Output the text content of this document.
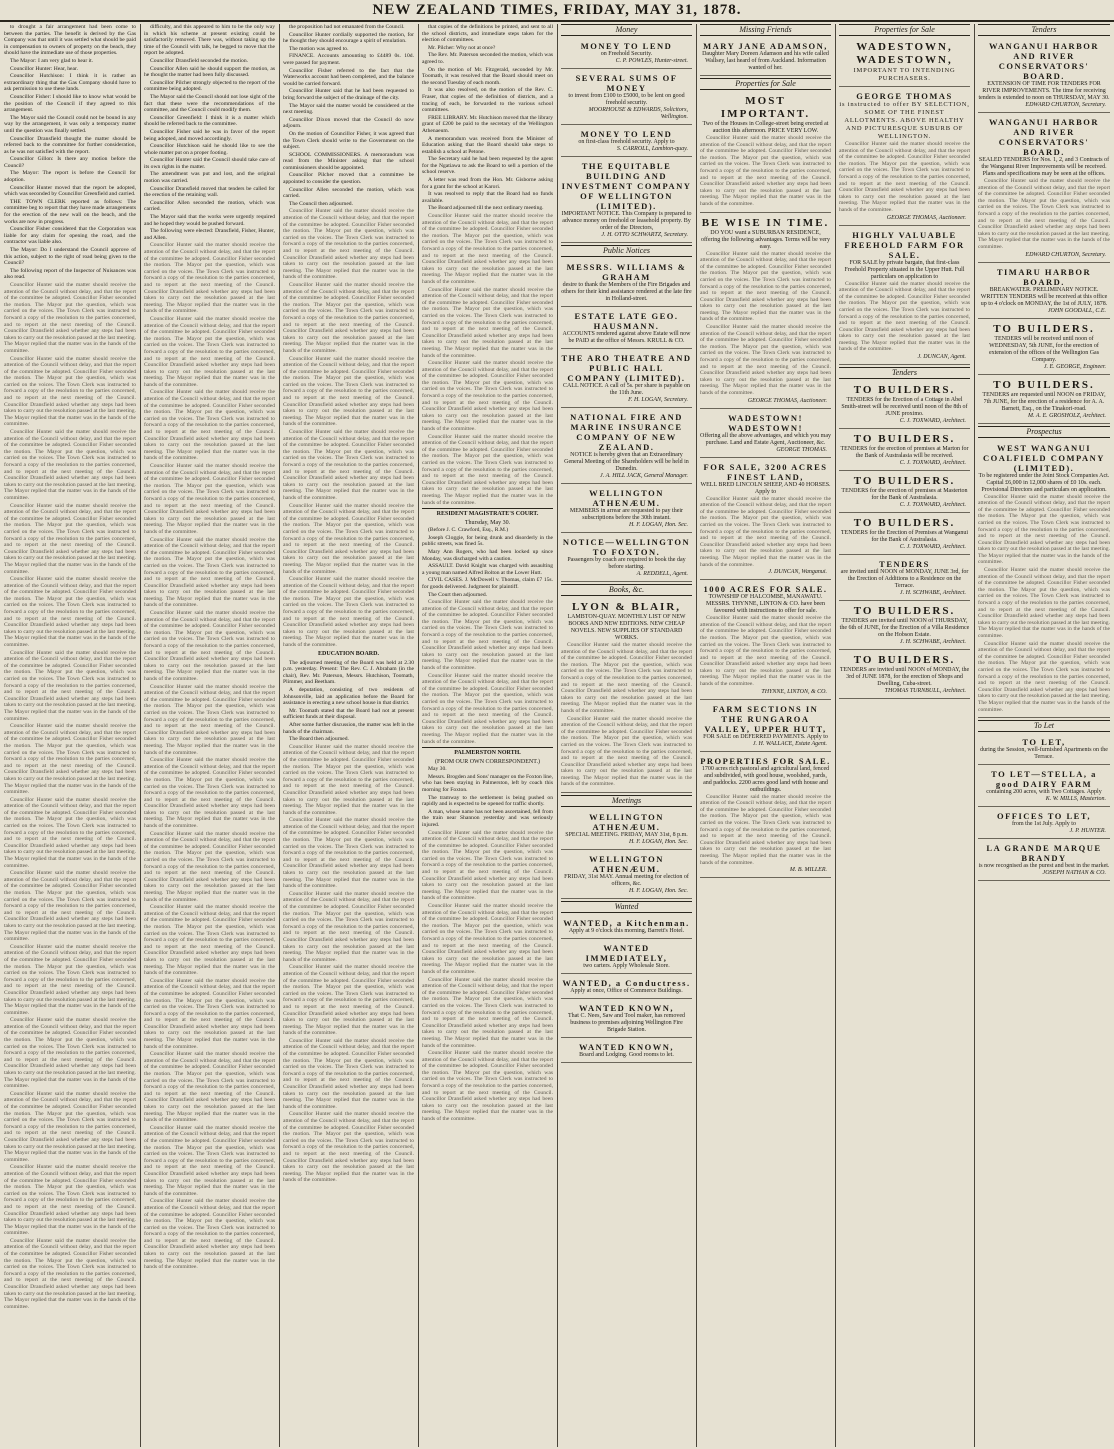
NEW ZEALAND TIMES, FRIDAY, MAY 31, 1878.

to drought a fair arrangement had been come to between the parties. The benefit is derived by the Gas Company was that until it was settled what should be paid in compensation to owners of property on the beach, they should have the immediate use of those properties.

The Mayor: I am very glad to hear it.

Councillor Hunter: Hear, hear.

Councillor Hutchison: I think it is rather an extraordinary thing that the Gas Company should have to ask permission to use these lands.

Councillor Fisher: I should like to know what would be the position of the Council if they agreed to this arrangement.

The Mayor said the Council could not be bound in any way by the arrangement, it was only a temporary matter until the question was finally settled.

Councillor Dransfield thought the matter should be referred back to the committee for further consideration, as he was not satisfied with the report.

Councillor Gillon: Is there any motion before the Council?

The Mayor: The report is before the Council for adoption.

Councillor Hunter moved that the report be adopted, which was seconded by Councillor Greenfield and carried.

THE TOWN CLERK reported as follows: The committee beg to report that they have made arrangements for the erection of the new wall on the beach, and the works are now in progress.

Councillor Fisher considered that the Corporation was liable for any claim for opening the road, and the contractor was liable also.

The Mayor: Do I understand the Council approve of this action, subject to the right of road being given to the Council?

The following report of the Inspector of Nuisances was also read.

Councillor Hunter said the matter should receive the attention of the Council without delay, and that the report of the committee be adopted. Councillor Fisher seconded the motion. The Mayor put the question, which was carried on the voices. The Town Clerk was instructed to forward a copy of the resolution to the parties concerned, and to report at the next meeting of the Council. Councillor Dransfield asked whether any steps had been taken to carry out the resolution passed at the last meeting. The Mayor replied that the matter was in the hands of the committee.

Councillor Hunter said the matter should receive the attention of the Council without delay, and that the report of the committee be adopted. Councillor Fisher seconded the motion. The Mayor put the question, which was carried on the voices. The Town Clerk was instructed to forward a copy of the resolution to the parties concerned, and to report at the next meeting of the Council. Councillor Dransfield asked whether any steps had been taken to carry out the resolution passed at the last meeting. The Mayor replied that the matter was in the hands of the committee.

Councillor Hunter said the matter should receive the attention of the Council without delay, and that the report of the committee be adopted. Councillor Fisher seconded the motion. The Mayor put the question, which was carried on the voices. The Town Clerk was instructed to forward a copy of the resolution to the parties concerned, and to report at the next meeting of the Council. Councillor Dransfield asked whether any steps had been taken to carry out the resolution passed at the last meeting. The Mayor replied that the matter was in the hands of the committee.

Councillor Hunter said the matter should receive the attention of the Council without delay, and that the report of the committee be adopted. Councillor Fisher seconded the motion. The Mayor put the question, which was carried on the voices. The Town Clerk was instructed to forward a copy of the resolution to the parties concerned, and to report at the next meeting of the Council. Councillor Dransfield asked whether any steps had been taken to carry out the resolution passed at the last meeting. The Mayor replied that the matter was in the hands of the committee.

Councillor Hunter said the matter should receive the attention of the Council without delay, and that the report of the committee be adopted. Councillor Fisher seconded the motion. The Mayor put the question, which was carried on the voices. The Town Clerk was instructed to forward a copy of the resolution to the parties concerned, and to report at the next meeting of the Council. Councillor Dransfield asked whether any steps had been taken to carry out the resolution passed at the last meeting. The Mayor replied that the matter was in the hands of the committee.

Councillor Hunter said the matter should receive the attention of the Council without delay, and that the report of the committee be adopted. Councillor Fisher seconded the motion. The Mayor put the question, which was carried on the voices. The Town Clerk was instructed to forward a copy of the resolution to the parties concerned, and to report at the next meeting of the Council. Councillor Dransfield asked whether any steps had been taken to carry out the resolution passed at the last meeting. The Mayor replied that the matter was in the hands of the committee.

Councillor Hunter said the matter should receive the attention of the Council without delay, and that the report of the committee be adopted. Councillor Fisher seconded the motion. The Mayor put the question, which was carried on the voices. The Town Clerk was instructed to forward a copy of the resolution to the parties concerned, and to report at the next meeting of the Council. Councillor Dransfield asked whether any steps had been taken to carry out the resolution passed at the last meeting. The Mayor replied that the matter was in the hands of the committee.

Councillor Hunter said the matter should receive the attention of the Council without delay, and that the report of the committee be adopted. Councillor Fisher seconded the motion. The Mayor put the question, which was carried on the voices. The Town Clerk was instructed to forward a copy of the resolution to the parties concerned, and to report at the next meeting of the Council. Councillor Dransfield asked whether any steps had been taken to carry out the resolution passed at the last meeting. The Mayor replied that the matter was in the hands of the committee.

Councillor Hunter said the matter should receive the attention of the Council without delay, and that the report of the committee be adopted. Councillor Fisher seconded the motion. The Mayor put the question, which was carried on the voices. The Town Clerk was instructed to forward a copy of the resolution to the parties concerned, and to report at the next meeting of the Council. Councillor Dransfield asked whether any steps had been taken to carry out the resolution passed at the last meeting. The Mayor replied that the matter was in the hands of the committee.

Councillor Hunter said the matter should receive the attention of the Council without delay, and that the report of the committee be adopted. Councillor Fisher seconded the motion. The Mayor put the question, which was carried on the voices. The Town Clerk was instructed to forward a copy of the resolution to the parties concerned, and to report at the next meeting of the Council. Councillor Dransfield asked whether any steps had been taken to carry out the resolution passed at the last meeting. The Mayor replied that the matter was in the hands of the committee.

Councillor Hunter said the matter should receive the attention of the Council without delay, and that the report of the committee be adopted. Councillor Fisher seconded the motion. The Mayor put the question, which was carried on the voices. The Town Clerk was instructed to forward a copy of the resolution to the parties concerned, and to report at the next meeting of the Council. Councillor Dransfield asked whether any steps had been taken to carry out the resolution passed at the last meeting. The Mayor replied that the matter was in the hands of the committee.

Councillor Hunter said the matter should receive the attention of the Council without delay, and that the report of the committee be adopted. Councillor Fisher seconded the motion. The Mayor put the question, which was carried on the voices. The Town Clerk was instructed to forward a copy of the resolution to the parties concerned, and to report at the next meeting of the Council. Councillor Dransfield asked whether any steps had been taken to carry out the resolution passed at the last meeting. The Mayor replied that the matter was in the hands of the committee.

Councillor Hunter said the matter should receive the attention of the Council without delay, and that the report of the committee be adopted. Councillor Fisher seconded the motion. The Mayor put the question, which was carried on the voices. The Town Clerk was instructed to forward a copy of the resolution to the parties concerned, and to report at the next meeting of the Council. Councillor Dransfield asked whether any steps had been taken to carry out the resolution passed at the last meeting. The Mayor replied that the matter was in the hands of the committee.

Councillor Hunter said the matter should receive the attention of the Council without delay, and that the report of the committee be adopted. Councillor Fisher seconded the motion. The Mayor put the question, which was carried on the voices. The Town Clerk was instructed to forward a copy of the resolution to the parties concerned, and to report at the next meeting of the Council. Councillor Dransfield asked whether any steps had been taken to carry out the resolution passed at the last meeting. The Mayor replied that the matter was in the hands of the committee.

difficulty, and this appeared to him to be the only way in which his scheme at present existing could be satisfactorily removed. There was, without taking up the time of the Council with talk, he begged to move that the report be adopted.

Councillor Dransfield seconded the motion.

Councillor Allen said he should support the motion, as he thought the matter had been fully discussed.

Councillor Pilcher strongly objected to the report of the committee being adopted.

The Mayor said the Council should not lose sight of the fact that these were the recommendations of the committee, and the Council could modify them.

Councillor Greenfield: I think it is a matter which should be referred back to the committee.

Councillor Fisher said he was in favor of the report being adopted, and moved accordingly.

Councillor Hutchison said he should like to see the whole matter put on a proper footing.

Councillor Hunter said the Council should take care of its own rights in the matter.

The amendment was put and lost, and the original motion was carried.

Councillor Dransfield moved that tenders be called for the erection of the retaining wall.

Councillor Allen seconded the motion, which was carried.

The Mayor said that the works were urgently required and he hoped they would be pushed forward.

The following were elected: Dransfield, Fisher, Hunter, and Allen.

Councillor Hunter said the matter should receive the attention of the Council without delay, and that the report of the committee be adopted. Councillor Fisher seconded the motion. The Mayor put the question, which was carried on the voices. The Town Clerk was instructed to forward a copy of the resolution to the parties concerned, and to report at the next meeting of the Council. Councillor Dransfield asked whether any steps had been taken to carry out the resolution passed at the last meeting. The Mayor replied that the matter was in the hands of the committee.

Councillor Hunter said the matter should receive the attention of the Council without delay, and that the report of the committee be adopted. Councillor Fisher seconded the motion. The Mayor put the question, which was carried on the voices. The Town Clerk was instructed to forward a copy of the resolution to the parties concerned, and to report at the next meeting of the Council. Councillor Dransfield asked whether any steps had been taken to carry out the resolution passed at the last meeting. The Mayor replied that the matter was in the hands of the committee.

Councillor Hunter said the matter should receive the attention of the Council without delay, and that the report of the committee be adopted. Councillor Fisher seconded the motion. The Mayor put the question, which was carried on the voices. The Town Clerk was instructed to forward a copy of the resolution to the parties concerned, and to report at the next meeting of the Council. Councillor Dransfield asked whether any steps had been taken to carry out the resolution passed at the last meeting. The Mayor replied that the matter was in the hands of the committee.

Councillor Hunter said the matter should receive the attention of the Council without delay, and that the report of the committee be adopted. Councillor Fisher seconded the motion. The Mayor put the question, which was carried on the voices. The Town Clerk was instructed to forward a copy of the resolution to the parties concerned, and to report at the next meeting of the Council. Councillor Dransfield asked whether any steps had been taken to carry out the resolution passed at the last meeting. The Mayor replied that the matter was in the hands of the committee.

Councillor Hunter said the matter should receive the attention of the Council without delay, and that the report of the committee be adopted. Councillor Fisher seconded the motion. The Mayor put the question, which was carried on the voices. The Town Clerk was instructed to forward a copy of the resolution to the parties concerned, and to report at the next meeting of the Council. Councillor Dransfield asked whether any steps had been taken to carry out the resolution passed at the last meeting. The Mayor replied that the matter was in the hands of the committee.

Councillor Hunter said the matter should receive the attention of the Council without delay, and that the report of the committee be adopted. Councillor Fisher seconded the motion. The Mayor put the question, which was carried on the voices. The Town Clerk was instructed to forward a copy of the resolution to the parties concerned, and to report at the next meeting of the Council. Councillor Dransfield asked whether any steps had been taken to carry out the resolution passed at the last meeting. The Mayor replied that the matter was in the hands of the committee.

Councillor Hunter said the matter should receive the attention of the Council without delay, and that the report of the committee be adopted. Councillor Fisher seconded the motion. The Mayor put the question, which was carried on the voices. The Town Clerk was instructed to forward a copy of the resolution to the parties concerned, and to report at the next meeting of the Council. Councillor Dransfield asked whether any steps had been taken to carry out the resolution passed at the last meeting. The Mayor replied that the matter was in the hands of the committee.

Councillor Hunter said the matter should receive the attention of the Council without delay, and that the report of the committee be adopted. Councillor Fisher seconded the motion. The Mayor put the question, which was carried on the voices. The Town Clerk was instructed to forward a copy of the resolution to the parties concerned, and to report at the next meeting of the Council. Councillor Dransfield asked whether any steps had been taken to carry out the resolution passed at the last meeting. The Mayor replied that the matter was in the hands of the committee.

Councillor Hunter said the matter should receive the attention of the Council without delay, and that the report of the committee be adopted. Councillor Fisher seconded the motion. The Mayor put the question, which was carried on the voices. The Town Clerk was instructed to forward a copy of the resolution to the parties concerned, and to report at the next meeting of the Council. Councillor Dransfield asked whether any steps had been taken to carry out the resolution passed at the last meeting. The Mayor replied that the matter was in the hands of the committee.

Councillor Hunter said the matter should receive the attention of the Council without delay, and that the report of the committee be adopted. Councillor Fisher seconded the motion. The Mayor put the question, which was carried on the voices. The Town Clerk was instructed to forward a copy of the resolution to the parties concerned, and to report at the next meeting of the Council. Councillor Dransfield asked whether any steps had been taken to carry out the resolution passed at the last meeting. The Mayor replied that the matter was in the hands of the committee.

Councillor Hunter said the matter should receive the attention of the Council without delay, and that the report of the committee be adopted. Councillor Fisher seconded the motion. The Mayor put the question, which was carried on the voices. The Town Clerk was instructed to forward a copy of the resolution to the parties concerned, and to report at the next meeting of the Council. Councillor Dransfield asked whether any steps had been taken to carry out the resolution passed at the last meeting. The Mayor replied that the matter was in the hands of the committee.

Councillor Hunter said the matter should receive the attention of the Council without delay, and that the report of the committee be adopted. Councillor Fisher seconded the motion. The Mayor put the question, which was carried on the voices. The Town Clerk was instructed to forward a copy of the resolution to the parties concerned, and to report at the next meeting of the Council. Councillor Dransfield asked whether any steps had been taken to carry out the resolution passed at the last meeting. The Mayor replied that the matter was in the hands of the committee.

Councillor Hunter said the matter should receive the attention of the Council without delay, and that the report of the committee be adopted. Councillor Fisher seconded the motion. The Mayor put the question, which was carried on the voices. The Town Clerk was instructed to forward a copy of the resolution to the parties concerned, and to report at the next meeting of the Council. Councillor Dransfield asked whether any steps had been taken to carry out the resolution passed at the last meeting. The Mayor replied that the matter was in the hands of the committee.

Councillor Hunter said the matter should receive the attention of the Council without delay, and that the report of the committee be adopted. Councillor Fisher seconded the motion. The Mayor put the question, which was carried on the voices. The Town Clerk was instructed to forward a copy of the resolution to the parties concerned, and to report at the next meeting of the Council. Councillor Dransfield asked whether any steps had been taken to carry out the resolution passed at the last meeting. The Mayor replied that the matter was in the hands of the committee.

the proposition had not emanated from the Council.

Councillor Hunter cordially supported the motion, for he thought they should encourage a spirit of emulation.

The motion was agreed to.

FINANCE. Accounts amounting to £4489 0s. 10d. were passed for payment.

Councillor Fisher referred to the fact that the Waterworks account had been completed, and the balance would be carried forward.

Councillor Hunter said that he had been requested to bring forward the subject of the drainage of the city.

The Mayor said the matter would be considered at the next meeting.

Councillor Dixon moved that the Council do now adjourn.

On the motion of Councillor Fisher, it was agreed that the Town Clerk should write to the Government on the subject.

SCHOOL COMMISSIONERS. A memorandum was read from the Minister asking that the school commissioners should be appointed.

Councillor Pilcher moved that a committee be appointed to consider the question.

Councillor Allen seconded the motion, which was carried.

The Council then adjourned.

Councillor Hunter said the matter should receive the attention of the Council without delay, and that the report of the committee be adopted. Councillor Fisher seconded the motion. The Mayor put the question, which was carried on the voices. The Town Clerk was instructed to forward a copy of the resolution to the parties concerned, and to report at the next meeting of the Council. Councillor Dransfield asked whether any steps had been taken to carry out the resolution passed at the last meeting. The Mayor replied that the matter was in the hands of the committee.

Councillor Hunter said the matter should receive the attention of the Council without delay, and that the report of the committee be adopted. Councillor Fisher seconded the motion. The Mayor put the question, which was carried on the voices. The Town Clerk was instructed to forward a copy of the resolution to the parties concerned, and to report at the next meeting of the Council. Councillor Dransfield asked whether any steps had been taken to carry out the resolution passed at the last meeting. The Mayor replied that the matter was in the hands of the committee.

Councillor Hunter said the matter should receive the attention of the Council without delay, and that the report of the committee be adopted. Councillor Fisher seconded the motion. The Mayor put the question, which was carried on the voices. The Town Clerk was instructed to forward a copy of the resolution to the parties concerned, and to report at the next meeting of the Council. Councillor Dransfield asked whether any steps had been taken to carry out the resolution passed at the last meeting. The Mayor replied that the matter was in the hands of the committee.

Councillor Hunter said the matter should receive the attention of the Council without delay, and that the report of the committee be adopted. Councillor Fisher seconded the motion. The Mayor put the question, which was carried on the voices. The Town Clerk was instructed to forward a copy of the resolution to the parties concerned, and to report at the next meeting of the Council. Councillor Dransfield asked whether any steps had been taken to carry out the resolution passed at the last meeting. The Mayor replied that the matter was in the hands of the committee.

Councillor Hunter said the matter should receive the attention of the Council without delay, and that the report of the committee be adopted. Councillor Fisher seconded the motion. The Mayor put the question, which was carried on the voices. The Town Clerk was instructed to forward a copy of the resolution to the parties concerned, and to report at the next meeting of the Council. Councillor Dransfield asked whether any steps had been taken to carry out the resolution passed at the last meeting. The Mayor replied that the matter was in the hands of the committee.

Councillor Hunter said the matter should receive the attention of the Council without delay, and that the report of the committee be adopted. Councillor Fisher seconded the motion. The Mayor put the question, which was carried on the voices. The Town Clerk was instructed to forward a copy of the resolution to the parties concerned, and to report at the next meeting of the Council. Councillor Dransfield asked whether any steps had been taken to carry out the resolution passed at the last meeting. The Mayor replied that the matter was in the hands of the committee.

EDUCATION BOARD.

The adjourned meeting of the Board was held at 2.30 p.m. yesterday. Present: The Rev. C. J. Abraham (in the chair), Rev. Mr. Paterson, Messrs. Hutchison, Toomath, Plimmer, and Beetham.

A deputation, consisting of two residents of Johnsonville, laid an application before the Board for assistance in erecting a new school house in that district.

Mr. Toomath stated that the Board had not at present sufficient funds at their disposal.

After some further discussion, the matter was left in the hands of the chairman.

The Board then adjourned.

Councillor Hunter said the matter should receive the attention of the Council without delay, and that the report of the committee be adopted. Councillor Fisher seconded the motion. The Mayor put the question, which was carried on the voices. The Town Clerk was instructed to forward a copy of the resolution to the parties concerned, and to report at the next meeting of the Council. Councillor Dransfield asked whether any steps had been taken to carry out the resolution passed at the last meeting. The Mayor replied that the matter was in the hands of the committee.

Councillor Hunter said the matter should receive the attention of the Council without delay, and that the report of the committee be adopted. Councillor Fisher seconded the motion. The Mayor put the question, which was carried on the voices. The Town Clerk was instructed to forward a copy of the resolution to the parties concerned, and to report at the next meeting of the Council. Councillor Dransfield asked whether any steps had been taken to carry out the resolution passed at the last meeting. The Mayor replied that the matter was in the hands of the committee.

Councillor Hunter said the matter should receive the attention of the Council without delay, and that the report of the committee be adopted. Councillor Fisher seconded the motion. The Mayor put the question, which was carried on the voices. The Town Clerk was instructed to forward a copy of the resolution to the parties concerned, and to report at the next meeting of the Council. Councillor Dransfield asked whether any steps had been taken to carry out the resolution passed at the last meeting. The Mayor replied that the matter was in the hands of the committee.

Councillor Hunter said the matter should receive the attention of the Council without delay, and that the report of the committee be adopted. Councillor Fisher seconded the motion. The Mayor put the question, which was carried on the voices. The Town Clerk was instructed to forward a copy of the resolution to the parties concerned, and to report at the next meeting of the Council. Councillor Dransfield asked whether any steps had been taken to carry out the resolution passed at the last meeting. The Mayor replied that the matter was in the hands of the committee.

Councillor Hunter said the matter should receive the attention of the Council without delay, and that the report of the committee be adopted. Councillor Fisher seconded the motion. The Mayor put the question, which was carried on the voices. The Town Clerk was instructed to forward a copy of the resolution to the parties concerned, and to report at the next meeting of the Council. Councillor Dransfield asked whether any steps had been taken to carry out the resolution passed at the last meeting. The Mayor replied that the matter was in the hands of the committee.

Councillor Hunter said the matter should receive the attention of the Council without delay, and that the report of the committee be adopted. Councillor Fisher seconded the motion. The Mayor put the question, which was carried on the voices. The Town Clerk was instructed to forward a copy of the resolution to the parties concerned, and to report at the next meeting of the Council. Councillor Dransfield asked whether any steps had been taken to carry out the resolution passed at the last meeting. The Mayor replied that the matter was in the hands of the committee.

that copies of the definitions be printed, and sent to all the school districts, and immediate steps taken for the election of committees.

Mr. Pilcher: Why not at once?

The Rev. Mr. Paterson seconded the motion, which was agreed to.

On the motion of Mr. Fitzgerald, seconded by Mr. Toomath, it was resolved that the Board should meet on the second Tuesday of each month.

It was also resolved, on the motion of the Rev. C. Fraser, that copies of the definition of districts, and a tracing of each, be forwarded to the various school committees.

FREE LIBRARY. Mr. Hutchison moved that the library grant of £200 be paid to the secretary of the Wellington Athenaeum.

A memorandum was received from the Minister of Education asking that the Board should take steps to establish a school at Petone.

The Secretary said he had been requested by the agent for the Ngatiawa to ask the Board to sell a portion of the school reserve.

A letter was read from the Hon. Mr. Gisborne asking for a grant for the school at Karori.

It was resolved to reply that the Board had no funds available.

The Board adjourned till the next ordinary meeting.

Councillor Hunter said the matter should receive the attention of the Council without delay, and that the report of the committee be adopted. Councillor Fisher seconded the motion. The Mayor put the question, which was carried on the voices. The Town Clerk was instructed to forward a copy of the resolution to the parties concerned, and to report at the next meeting of the Council. Councillor Dransfield asked whether any steps had been taken to carry out the resolution passed at the last meeting. The Mayor replied that the matter was in the hands of the committee.

Councillor Hunter said the matter should receive the attention of the Council without delay, and that the report of the committee be adopted. Councillor Fisher seconded the motion. The Mayor put the question, which was carried on the voices. The Town Clerk was instructed to forward a copy of the resolution to the parties concerned, and to report at the next meeting of the Council. Councillor Dransfield asked whether any steps had been taken to carry out the resolution passed at the last meeting. The Mayor replied that the matter was in the hands of the committee.

Councillor Hunter said the matter should receive the attention of the Council without delay, and that the report of the committee be adopted. Councillor Fisher seconded the motion. The Mayor put the question, which was carried on the voices. The Town Clerk was instructed to forward a copy of the resolution to the parties concerned, and to report at the next meeting of the Council. Councillor Dransfield asked whether any steps had been taken to carry out the resolution passed at the last meeting. The Mayor replied that the matter was in the hands of the committee.

Councillor Hunter said the matter should receive the attention of the Council without delay, and that the report of the committee be adopted. Councillor Fisher seconded the motion. The Mayor put the question, which was carried on the voices. The Town Clerk was instructed to forward a copy of the resolution to the parties concerned, and to report at the next meeting of the Council. Councillor Dransfield asked whether any steps had been taken to carry out the resolution passed at the last meeting. The Mayor replied that the matter was in the hands of the committee.

RESIDENT MAGISTRATE'S COURT.
Thursday, May 30.

(Before J. C. Crawford, Esq., R.M.)

Joseph Cloggie, for being drunk and disorderly in the public streets, was fined 5s.

Mary Ann Rogers, who had been locked up since Monday, was discharged with a caution.

ASSAULT. David Knight was charged with assaulting a young man named Alfred Bolton at the Lower Hutt.

CIVIL CASES. J. McDowell v. Thomas, claim £7 15s. for goods delivered. Judgment for plaintiff.

The Court then adjourned.

Councillor Hunter said the matter should receive the attention of the Council without delay, and that the report of the committee be adopted. Councillor Fisher seconded the motion. The Mayor put the question, which was carried on the voices. The Town Clerk was instructed to forward a copy of the resolution to the parties concerned, and to report at the next meeting of the Council. Councillor Dransfield asked whether any steps had been taken to carry out the resolution passed at the last meeting. The Mayor replied that the matter was in the hands of the committee.

Councillor Hunter said the matter should receive the attention of the Council without delay, and that the report of the committee be adopted. Councillor Fisher seconded the motion. The Mayor put the question, which was carried on the voices. The Town Clerk was instructed to forward a copy of the resolution to the parties concerned, and to report at the next meeting of the Council. Councillor Dransfield asked whether any steps had been taken to carry out the resolution passed at the last meeting. The Mayor replied that the matter was in the hands of the committee.

PALMERSTON NORTH.
(FROM OUR OWN CORRESPONDENT.)

May 30.

Messrs. Brogden and Sons' manager on the Foxton line, who has been staying in Palmerston, left by coach this morning for Foxton.

The tramway to the settlement is being pushed on rapidly and is expected to be opened for traffic shortly.

A man, whose name has not been ascertained, fell from the train near Shannon yesterday and was seriously injured.

Councillor Hunter said the matter should receive the attention of the Council without delay, and that the report of the committee be adopted. Councillor Fisher seconded the motion. The Mayor put the question, which was carried on the voices. The Town Clerk was instructed to forward a copy of the resolution to the parties concerned, and to report at the next meeting of the Council. Councillor Dransfield asked whether any steps had been taken to carry out the resolution passed at the last meeting. The Mayor replied that the matter was in the hands of the committee.

Councillor Hunter said the matter should receive the attention of the Council without delay, and that the report of the committee be adopted. Councillor Fisher seconded the motion. The Mayor put the question, which was carried on the voices. The Town Clerk was instructed to forward a copy of the resolution to the parties concerned, and to report at the next meeting of the Council. Councillor Dransfield asked whether any steps had been taken to carry out the resolution passed at the last meeting. The Mayor replied that the matter was in the hands of the committee.

Councillor Hunter said the matter should receive the attention of the Council without delay, and that the report of the committee be adopted. Councillor Fisher seconded the motion. The Mayor put the question, which was carried on the voices. The Town Clerk was instructed to forward a copy of the resolution to the parties concerned, and to report at the next meeting of the Council. Councillor Dransfield asked whether any steps had been taken to carry out the resolution passed at the last meeting. The Mayor replied that the matter was in the hands of the committee.

Councillor Hunter said the matter should receive the attention of the Council without delay, and that the report of the committee be adopted. Councillor Fisher seconded the motion. The Mayor put the question, which was carried on the voices. The Town Clerk was instructed to forward a copy of the resolution to the parties concerned, and to report at the next meeting of the Council. Councillor Dransfield asked whether any steps had been taken to carry out the resolution passed at the last meeting. The Mayor replied that the matter was in the hands of the committee.

Money
MONEY TO LEND
on Freehold Security.
C. P. POWLES, Hunter-street.
SEVERAL SUMS OF MONEY
to invest from £100 to £5000, to be lent on good freehold security.
MOORHOUSE & EDWARDS, Solicitors, Wellington.
MONEY TO LEND
on first-class freehold security. Apply to
S. CARROLL, Lambton-quay.
THE EQUITABLE BUILDING AND INVESTMENT COMPANY OF WELLINGTON (LIMITED).
IMPORTANT NOTICE. This Company is prepared to advance money on freehold or leasehold property. By order of the Directors,
J. H. OTTO SCHWARTZ, Secretary.
Public Notices
MESSRS. WILLIAMS & GRAHAM
desire to thank the Members of the Fire Brigades and others for their kind assistance rendered at the late fire in Holland-street.
ESTATE LATE GEO. HAUSMANN.
ACCOUNTS rendered against above Estate will now be PAID at the office of Messrs. KRULL & CO.
THE ARO THEATRE AND PUBLIC HALL COMPANY (LIMITED).
CALL NOTICE. A call of 5s. per share is payable on the 11th June.
F. H. LOGAN, Secretary.
NATIONAL FIRE AND MARINE INSURANCE COMPANY OF NEW ZEALAND.
NOTICE is hereby given that an Extraordinary General Meeting of the Shareholders will be held in Dunedin.
J. A. HILL JACK, General Manager.
WELLINGTON ATHENÆUM.
MEMBERS in arrear are requested to pay their subscriptions before the 30th instant.
H. F. LOGAN, Hon. Sec.
NOTICE—WELLINGTON TO FOXTON.
Passengers by coach are required to book the day before starting.
A. REDDELL, Agent.
Books, &c.
LYON & BLAIR,
LAMBTON-QUAY. MONTHLY LIST OF NEW BOOKS AND NEW EDITIONS. NEW CHEAP NOVELS. NEW SUPPLIES OF STANDARD WORKS.

Councillor Hunter said the matter should receive the attention of the Council without delay, and that the report of the committee be adopted. Councillor Fisher seconded the motion. The Mayor put the question, which was carried on the voices. The Town Clerk was instructed to forward a copy of the resolution to the parties concerned, and to report at the next meeting of the Council. Councillor Dransfield asked whether any steps had been taken to carry out the resolution passed at the last meeting. The Mayor replied that the matter was in the hands of the committee.

Councillor Hunter said the matter should receive the attention of the Council without delay, and that the report of the committee be adopted. Councillor Fisher seconded the motion. The Mayor put the question, which was carried on the voices. The Town Clerk was instructed to forward a copy of the resolution to the parties concerned, and to report at the next meeting of the Council. Councillor Dransfield asked whether any steps had been taken to carry out the resolution passed at the last meeting. The Mayor replied that the matter was in the hands of the committee.

Meetings
WELLINGTON ATHENÆUM.
SPECIAL MEETING. FRIDAY, MAY 31st, 8 p.m.
H. F. LOGAN, Hon. Sec.
WELLINGTON ATHENÆUM.
FRIDAY, 31st MAY. Annual meeting for election of officers, &c.
H. F. LOGAN, Hon. Sec.
Wanted
WANTED, a Kitchenman.
Apply at 9 o'clock this morning, Barrett's Hotel.
WANTED IMMEDIATELY,
two carters. Apply Wholesale Store.
WANTED, a Conductress.
Apply at once, Office of Commerce Buildings.
WANTED KNOWN,
That C. Nees, Saw and Tool maker, has removed business to premises adjoining Wellington Fire Brigade Station.
WANTED KNOWN,
Board and Lodging. Good rooms to let.
Missing Friends
MARY JANE ADAMSON,
Daughter Mary Doreen Adamson and his wife called Wallsey, last heard of from Auckland. Information wanted of her.
Properties for Sale
MOST IMPORTANT.
Two of the Houses in College-street being erected at auction this afternoon. PRICE VERY LOW.

Councillor Hunter said the matter should receive the attention of the Council without delay, and that the report of the committee be adopted. Councillor Fisher seconded the motion. The Mayor put the question, which was carried on the voices. The Town Clerk was instructed to forward a copy of the resolution to the parties concerned, and to report at the next meeting of the Council. Councillor Dransfield asked whether any steps had been taken to carry out the resolution passed at the last meeting. The Mayor replied that the matter was in the hands of the committee.

BE WISE IN TIME.
DO YOU want a SUBURBAN RESIDENCE, offering the following advantages. Terms will be very easy.

Councillor Hunter said the matter should receive the attention of the Council without delay, and that the report of the committee be adopted. Councillor Fisher seconded the motion. The Mayor put the question, which was carried on the voices. The Town Clerk was instructed to forward a copy of the resolution to the parties concerned, and to report at the next meeting of the Council. Councillor Dransfield asked whether any steps had been taken to carry out the resolution passed at the last meeting. The Mayor replied that the matter was in the hands of the committee.

Councillor Hunter said the matter should receive the attention of the Council without delay, and that the report of the committee be adopted. Councillor Fisher seconded the motion. The Mayor put the question, which was carried on the voices. The Town Clerk was instructed to forward a copy of the resolution to the parties concerned, and to report at the next meeting of the Council. Councillor Dransfield asked whether any steps had been taken to carry out the resolution passed at the last meeting. The Mayor replied that the matter was in the hands of the committee.

GEORGE THOMAS, Auctioneer.
WADESTOWN! WADESTOWN!
Offering all the above advantages, and which you may purchase. Land and Estate Agent, Auctioneer, &c.
GEORGE THOMAS.
FOR SALE, 3200 ACRES FINEST LAND,
WELL BRED LINCOLN SHEEP, AND 40 HORSES. Apply to

Councillor Hunter said the matter should receive the attention of the Council without delay, and that the report of the committee be adopted. Councillor Fisher seconded the motion. The Mayor put the question, which was carried on the voices. The Town Clerk was instructed to forward a copy of the resolution to the parties concerned, and to report at the next meeting of the Council. Councillor Dransfield asked whether any steps had been taken to carry out the resolution passed at the last meeting. The Mayor replied that the matter was in the hands of the committee.

J. DUNCAN, Wanganui.
1000 ACRES FOR SALE.
TOWNSHIP OF HALCOMBE, MANAWATU. MESSRS. THYNNE, LINTON & CO. have been favoured with instructions to offer for sale.

Councillor Hunter said the matter should receive the attention of the Council without delay, and that the report of the committee be adopted. Councillor Fisher seconded the motion. The Mayor put the question, which was carried on the voices. The Town Clerk was instructed to forward a copy of the resolution to the parties concerned, and to report at the next meeting of the Council. Councillor Dransfield asked whether any steps had been taken to carry out the resolution passed at the last meeting. The Mayor replied that the matter was in the hands of the committee.

THYNNE, LINTON, & CO.
FARM SECTIONS IN THE RUNGAROA VALLEY, UPPER HUTT,
FOR SALE on DEFERRED PAYMENTS. Apply to
J. H. WALLACE, Estate Agent.
PROPERTIES FOR SALE.
1700 acres rich pastoral and agricultural land, fenced and subdivided, with good house, woolshed, yards, and paddocks. 2200 acres good land with house and outbuildings.

Councillor Hunter said the matter should receive the attention of the Council without delay, and that the report of the committee be adopted. Councillor Fisher seconded the motion. The Mayor put the question, which was carried on the voices. The Town Clerk was instructed to forward a copy of the resolution to the parties concerned, and to report at the next meeting of the Council. Councillor Dransfield asked whether any steps had been taken to carry out the resolution passed at the last meeting. The Mayor replied that the matter was in the hands of the committee.

M. B. MILLER.
Properties for Sale
WADESTOWN, WADESTOWN,
IMPORTANT TO INTENDING PURCHASERS.
GEORGE THOMAS
is instructed to offer BY SELECTION, SOME OF THE FINEST ALLOTMENTS. ABOVE HEALTHY AND PICTURESQUE SUBURB OF WELLINGTON.

Councillor Hunter said the matter should receive the attention of the Council without delay, and that the report of the committee be adopted. Councillor Fisher seconded the motion. The Mayor put the question, which was carried on the voices. The Town Clerk was instructed to forward a copy of the resolution to the parties concerned, and to report at the next meeting of the Council. Councillor Dransfield asked whether any steps had been taken to carry out the resolution passed at the last meeting. The Mayor replied that the matter was in the hands of the committee.

GEORGE THOMAS, Auctioneer.
HIGHLY VALUABLE FREEHOLD FARM FOR SALE.
FOR SALE by private bargain, that first-class Freehold Property situated in the Upper Hutt. Full particulars on application to

Councillor Hunter said the matter should receive the attention of the Council without delay, and that the report of the committee be adopted. Councillor Fisher seconded the motion. The Mayor put the question, which was carried on the voices. The Town Clerk was instructed to forward a copy of the resolution to the parties concerned, and to report at the next meeting of the Council. Councillor Dransfield asked whether any steps had been taken to carry out the resolution passed at the last meeting. The Mayor replied that the matter was in the hands of the committee.

J. DUNCAN, Agent.
Tenders
TO BUILDERS.
TENDERS for the Erection of a Cottage in Abel Smith-street will be received until noon of the 8th of JUNE proximo.
C. J. TOXWARD, Architect.
TO BUILDERS.
TENDERS for the erection of premises at Marton for the Bank of Australasia will be received.
C. J. TOXWARD, Architect.
TO BUILDERS.
TENDERS for the erection of premises at Masterton for the Bank of Australasia.
C. J. TOXWARD, Architect.
TO BUILDERS.
TENDERS for the Erection of Premises at Wanganui for the Bank of Australasia.
C. J. TOXWARD, Architect.
TENDERS
are invited until NOON of MONDAY, JUNE 3rd, for the Erection of Additions to a Residence on the Terrace.
J. H. SCHWABE, Architect.
TO BUILDERS.
TENDERS are invited until NOON of THURSDAY, the 6th of JUNE, for the Erection of a Villa Residence on the Hobson Estate.
J. H. SCHWABE, Architect.
TO BUILDERS.
TENDERS are invited until NOON of MONDAY, the 3rd of JUNE 1878, for the erection of Shops and Dwelling, Cuba-street.
THOMAS TURNBULL, Architect.
Tenders
WANGANUI HARBOR AND RIVER CONSERVATORS' BOARD.
EXTENSION OF TIME FOR TENDERS FOR RIVER IMPROVEMENTS. The time for receiving tenders is extended to noon on THURSDAY, MAY 30.
EDWARD CHURTON, Secretary.
WANGANUI HARBOR AND RIVER CONSERVATORS' BOARD.
SEALED TENDERS for Nos. 1, 2, and 3 Contracts of the Wanganui River Improvements will be received. Plans and specifications may be seen at the offices.

Councillor Hunter said the matter should receive the attention of the Council without delay, and that the report of the committee be adopted. Councillor Fisher seconded the motion. The Mayor put the question, which was carried on the voices. The Town Clerk was instructed to forward a copy of the resolution to the parties concerned, and to report at the next meeting of the Council. Councillor Dransfield asked whether any steps had been taken to carry out the resolution passed at the last meeting. The Mayor replied that the matter was in the hands of the committee.

EDWARD CHURTON, Secretary.
TIMARU HARBOR BOARD.
BREAKWATER. PRELIMINARY NOTICE. WRITTEN TENDERS will be received at this office up to 4 o'clock on MONDAY, the 1st of JULY, 1878.
JOHN GOODALL, C.E.
TO BUILDERS.
TENDERS will be received until noon of WEDNESDAY, 5th JUNE, for the erection of extension of the offices of the Wellington Gas Company.
J. E. GEORGE, Engineer.
TO BUILDERS.
TENDERS are requested until NOON on FRIDAY, 7th JUNE, for the erection of a residence for A. A. Barnett, Esq., on the Tinakori-road.
M. A. E. GROSHOLZ, Architect.
Prospectus
WEST WANGANUI COALFIELD COMPANY (LIMITED).
To be registered under the Joint Stock Companies Act. Capital £6,000 in 12,000 shares of £0 10s. each. Provisional Directors and particulars on application.

Councillor Hunter said the matter should receive the attention of the Council without delay, and that the report of the committee be adopted. Councillor Fisher seconded the motion. The Mayor put the question, which was carried on the voices. The Town Clerk was instructed to forward a copy of the resolution to the parties concerned, and to report at the next meeting of the Council. Councillor Dransfield asked whether any steps had been taken to carry out the resolution passed at the last meeting. The Mayor replied that the matter was in the hands of the committee.

Councillor Hunter said the matter should receive the attention of the Council without delay, and that the report of the committee be adopted. Councillor Fisher seconded the motion. The Mayor put the question, which was carried on the voices. The Town Clerk was instructed to forward a copy of the resolution to the parties concerned, and to report at the next meeting of the Council. Councillor Dransfield asked whether any steps had been taken to carry out the resolution passed at the last meeting. The Mayor replied that the matter was in the hands of the committee.

Councillor Hunter said the matter should receive the attention of the Council without delay, and that the report of the committee be adopted. Councillor Fisher seconded the motion. The Mayor put the question, which was carried on the voices. The Town Clerk was instructed to forward a copy of the resolution to the parties concerned, and to report at the next meeting of the Council. Councillor Dransfield asked whether any steps had been taken to carry out the resolution passed at the last meeting. The Mayor replied that the matter was in the hands of the committee.

To Let
TO LET,
during the Session, well-furnished Apartments on the Terrace.
TO LET—STELLA, a good DAIRY FARM
containing 200 acres, with Two Cottages. Apply
K. W. MILLS, Masterton.
OFFICES TO LET,
from the 1st July. Apply to
J. P. HUNTER.
LA GRANDE MARQUE BRANDY
is now recognised as the purest and best in the market.
JOSEPH NATHAN & CO.
